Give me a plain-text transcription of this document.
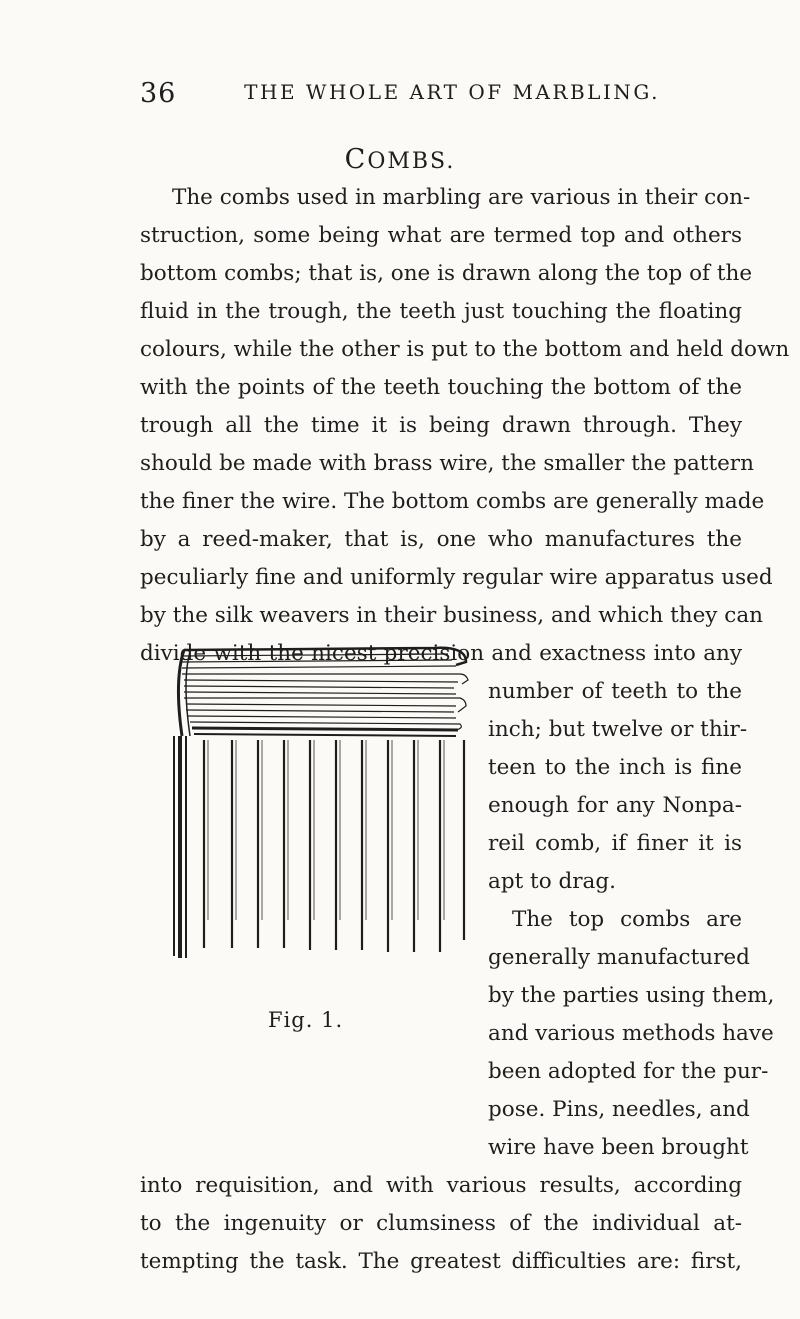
36	THE WHOLE ART OF MARBLING.
COMBS.
The combs used in marbling are various in their con-
struction, some being what are termed top and others
bottom combs; that is, one is drawn along the top of the
fluid in the trough, the teeth just touching the floating
colours, while the other is put to the bottom and held down
with the points of the teeth touching the bottom of the
trough all the time it is being drawn through. They
should be made with brass wire, the smaller the pattern
the finer the wire. The bottom combs are generally made
by a reed-maker, that is, one who manufactures the
peculiarly fine and uniformly regular wire apparatus used
by the silk weavers in their business, and which they can
divide with the nicest precision and exactness into any
number of teeth to the
inch; but twelve or thir-
teen to the inch is fine
enough for any Nonpa-
reil comb, if finer it is
apt to drag.
The top combs are
generally manufactured
by the parties using them,
and various methods have
been adopted for the pur-
pose. Pins, needles, and
wire have been brought
into requisition, and with various results, according
to the ingenuity or clumsiness of the individual at-
tempting the task. The greatest difficulties are: first,
Fig. 1.
